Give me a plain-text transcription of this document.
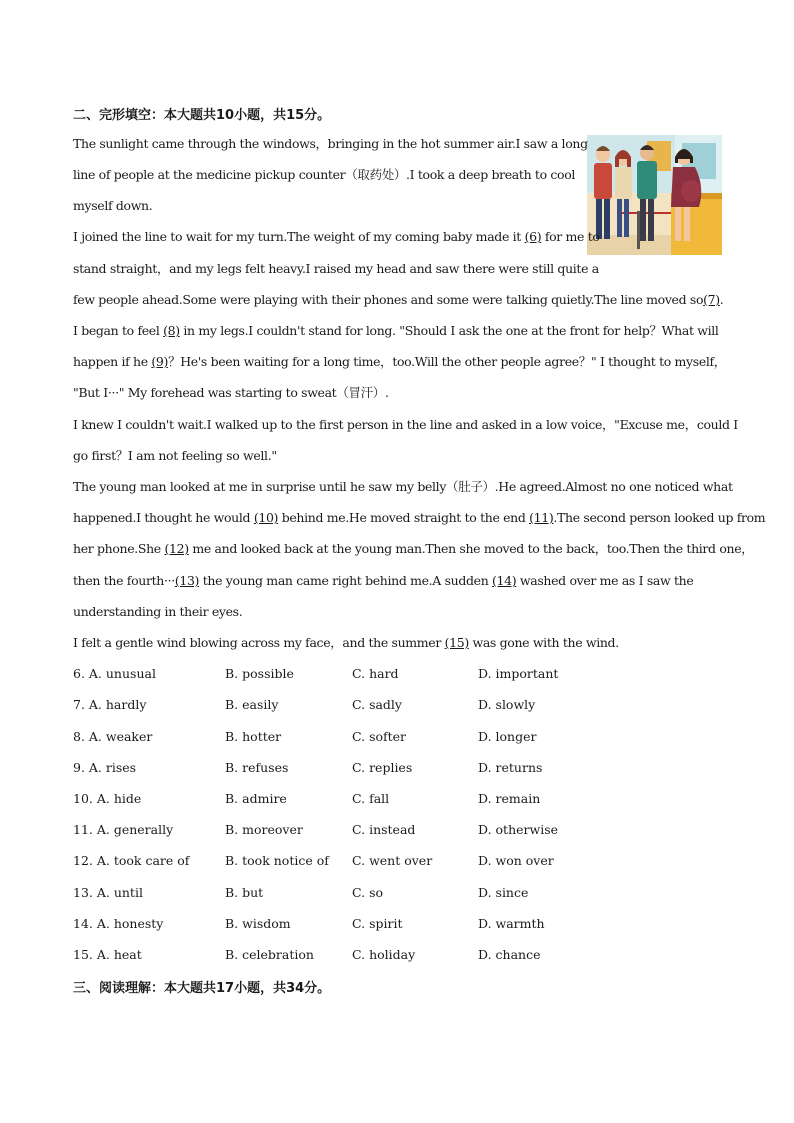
二、完形填空：本大题共10小题，共15分。
The sunlight came through the windows，bringing in the hot summer air.I saw a long
line of people at the medicine pickup counter（取药处）.I took a deep breath to cool
myself down.
I joined the line to wait for my turn.The weight of my coming baby made it (6) for me to
stand straight，and my legs felt heavy.I raised my head and saw there were still quite a
few people ahead.Some were playing with their phones and some were talking quietly.The line moved so(7).
I began to feel (8) in my legs.I couldn't stand for long. "Should I ask the one at the front for help？What will
happen if he (9)？He's been waiting for a long time，too.Will the other people agree？" I thought to myself，
"But I···" My forehead was starting to sweat（冒汗）.
I knew I couldn't wait.I walked up to the first person in the line and asked in a low voice，"Excuse me，could I
go first？I am not feeling so well."
The young man looked at me in surprise until he saw my belly（肚子）.He agreed.Almost no one noticed what
happened.I thought he would (10) behind me.He moved straight to the end (11).The second person looked up from
her phone.She (12) me and looked back at the young man.Then she moved to the back，too.Then the third one，
then the fourth···(13) the young man came right behind me.A sudden (14) washed over me as I saw the
understanding in their eyes.
I felt a gentle wind blowing across my face，and the summer (15) was gone with the wind.
6. A. unusual	B. possible	C. hard	D. important
7. A. hardly	B. easily	C. sadly	D. slowly
8. A. weaker	B. hotter	C. softer	D. longer
9. A. rises	B. refuses	C. replies	D. returns
10. A. hide	B. admire	C. fall	D. remain
11. A. generally	B. moreover	C. instead	D. otherwise
12. A. took care of	B. took notice of C. went over	D. won over
13. A. until	B. but	C. so	D. since
14. A. honesty	B. wisdom	C. spirit	D. warmth
15. A. heat	B. celebration	C. holiday	D. chance
三、阅读理解：本大题共17小题，共34分。
